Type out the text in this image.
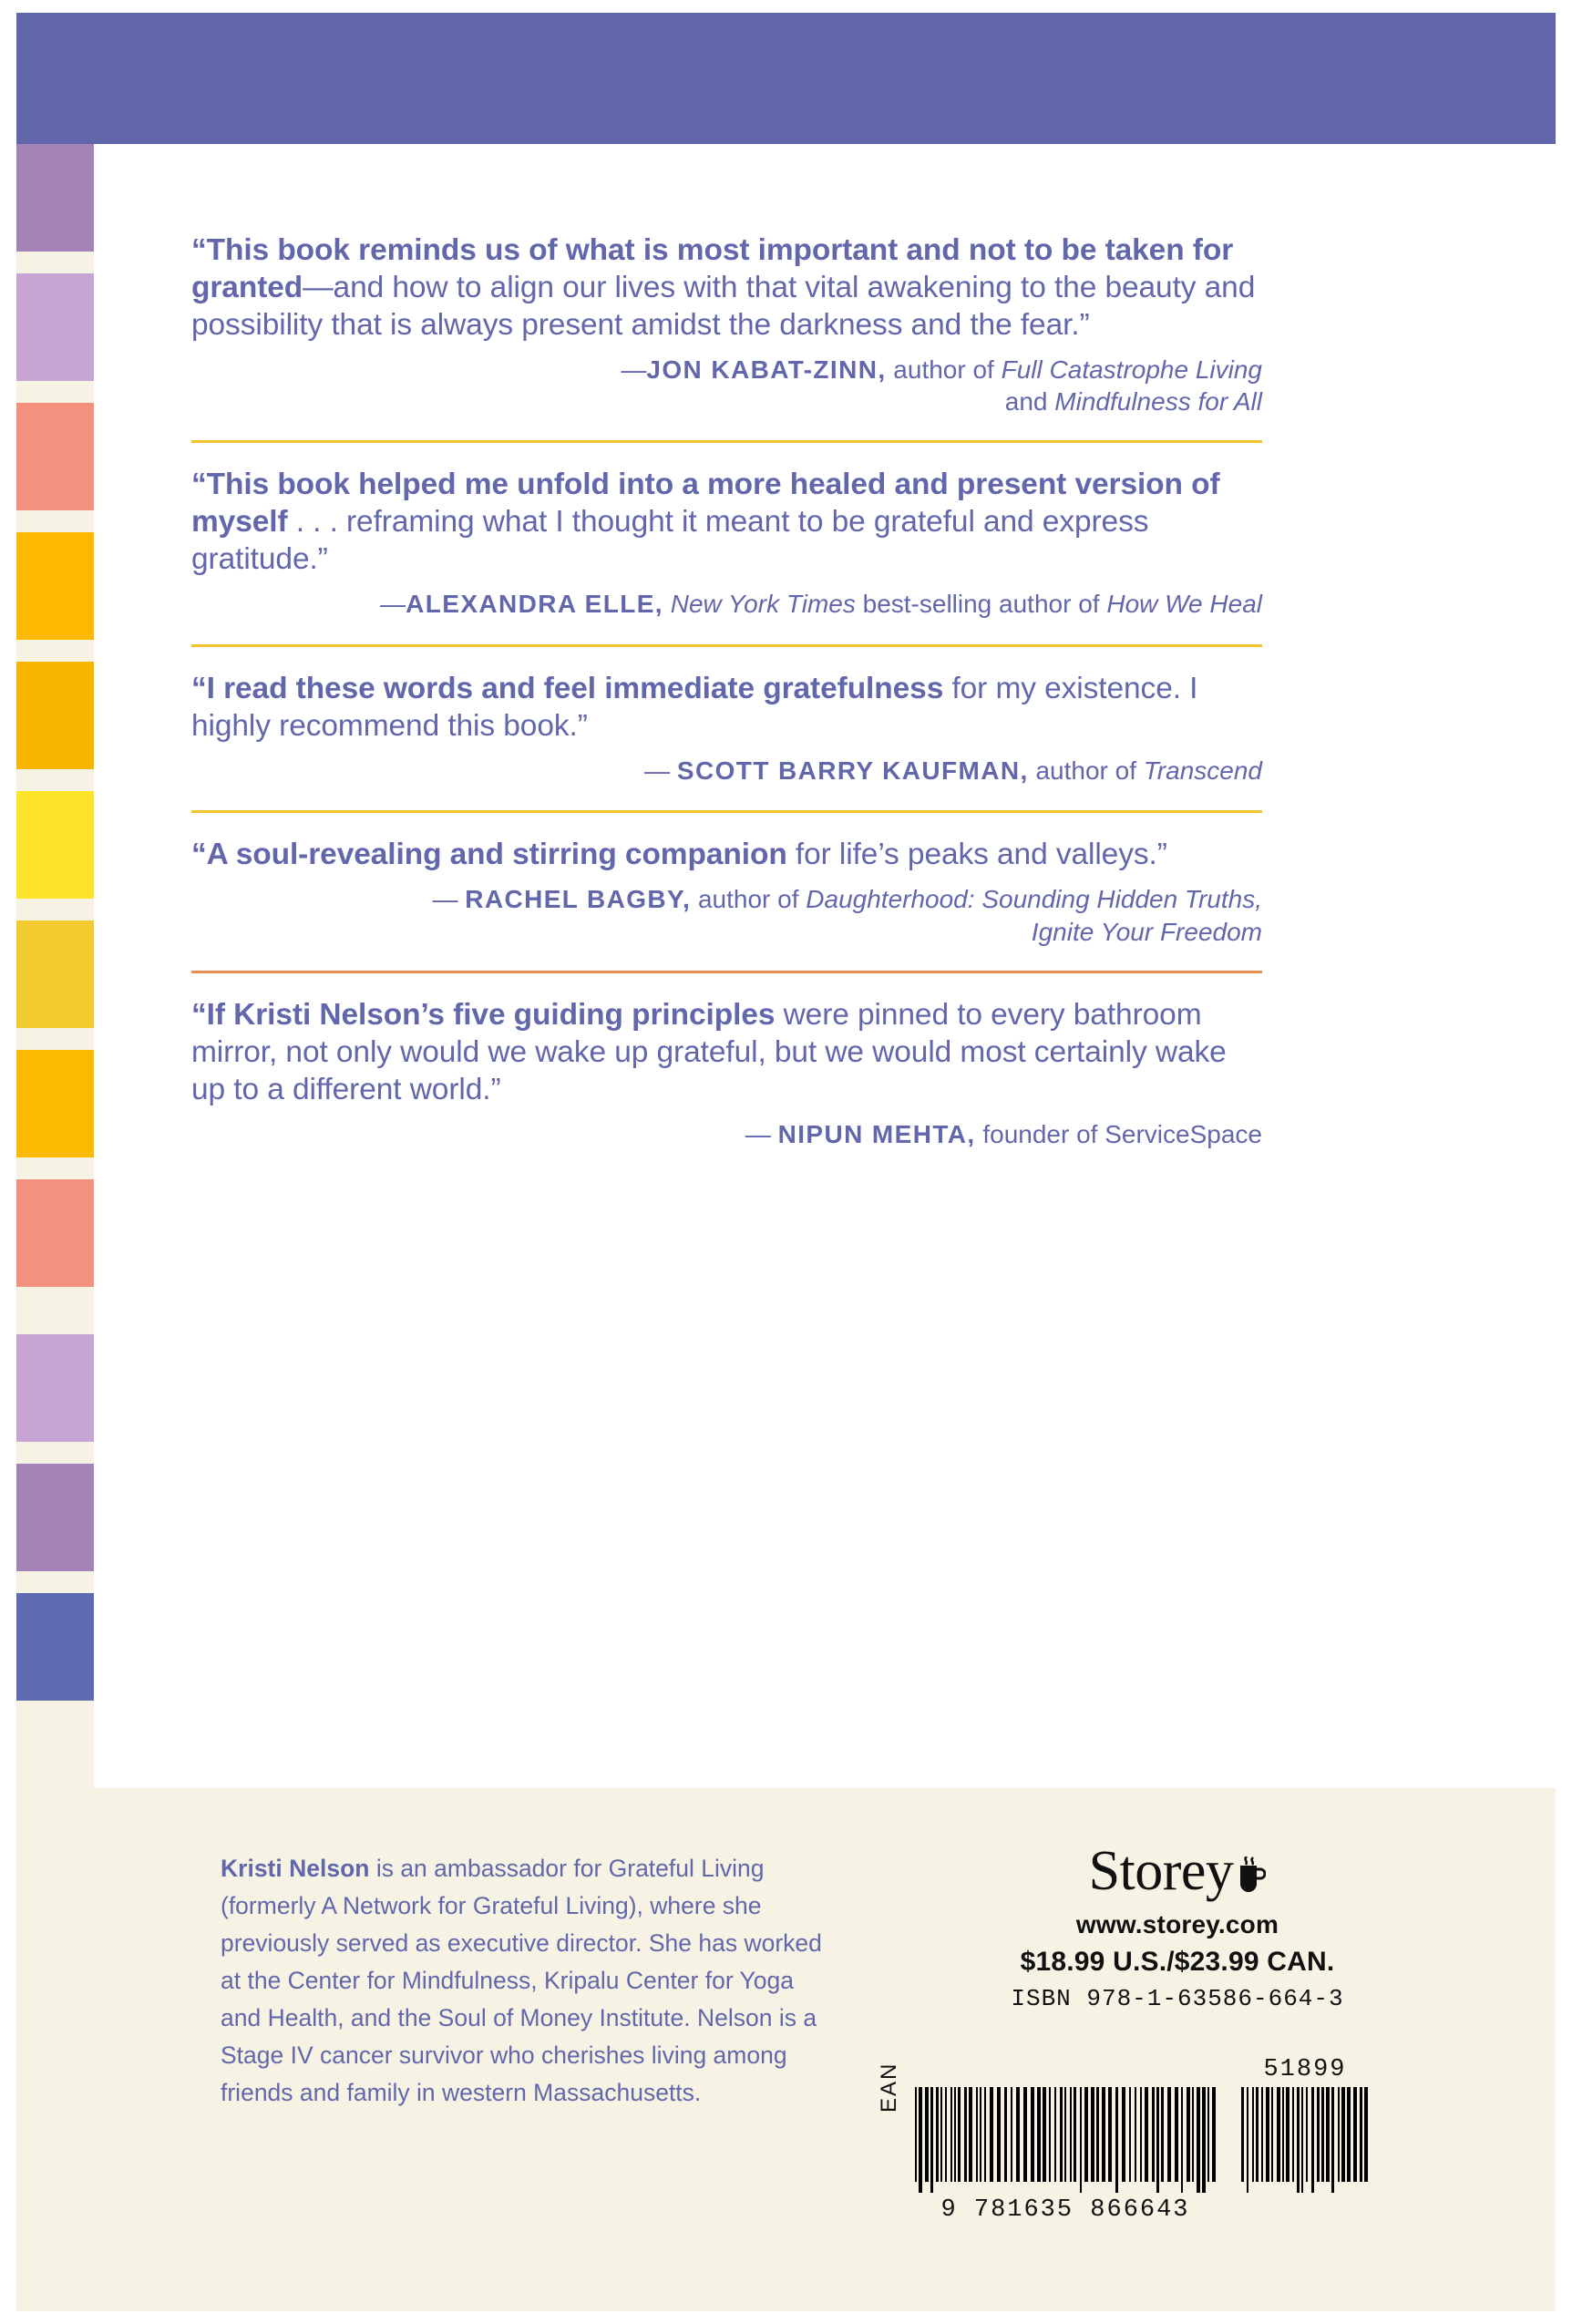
“This book reminds us of what is most important and not to be taken for granted—and how to align our lives with that vital awakening to the beauty and possibility that is always present amidst the darkness and the fear.”

—JON KABAT-ZINN, author of Full Catastrophe Living
and Mindfulness for All

“This book helped me unfold into a more healed and present version of myself . . . reframing what I thought it meant to be grateful and express gratitude.”

—ALEXANDRA ELLE, New York Times best-selling author of How We Heal

“I read these words and feel immediate gratefulness for my existence. I highly recommend this book.”

— SCOTT BARRY KAUFMAN, author of Transcend

“A soul-revealing and stirring companion for life’s peaks and valleys.”

— RACHEL BAGBY, author of Daughterhood: Sounding Hidden Truths,
Ignite Your Freedom

“If Kristi Nelson’s five guiding principles were pinned to every bathroom mirror, not only would we wake up grateful, but we would most certainly wake up to a different world.”

— NIPUN MEHTA, founder of ServiceSpace
Kristi Nelson is an ambassador for Grateful Living (formerly A Network for Grateful Living), where she previously served as executive director. She has worked at the Center for Mindfulness, Kripalu Center for Yoga and Health, and the Soul of Money Institute. Nelson is a Stage IV cancer survivor who cherishes living among friends and family in western Massachusetts.
Storey
www.storey.com
$18.99 U.S./$23.99 CAN.
ISBN 978-1-63586-664-3
EAN
9 781635 866643
51899
